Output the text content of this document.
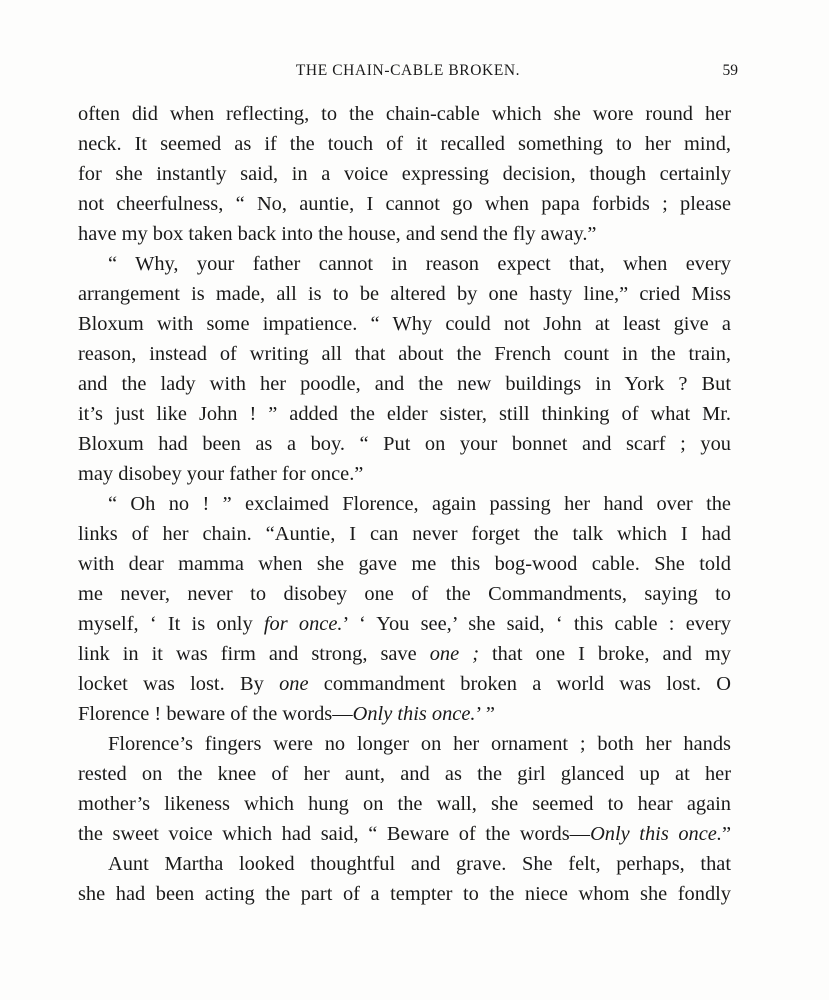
THE CHAIN-CABLE BROKEN.	59
often did when reflecting, to the chain-cable which she wore round her
neck. It seemed as if the touch of it recalled something to her mind,
for she instantly said, in a voice expressing decision, though certainly
not cheerfulness, “ No, auntie, I cannot go when papa forbids ; please
have my box taken back into the house, and send the fly away.”
“ Why, your father cannot in reason expect that, when every
arrangement is made, all is to be altered by one hasty line,” cried Miss
Bloxum with some impatience. “ Why could not John at least give a
reason, instead of writing all that about the French count in the train,
and the lady with her poodle, and the new buildings in York ? But
it’s just like John ! ” added the elder sister, still thinking of what Mr.
Bloxum had been as a boy. “ Put on your bonnet and scarf ; you
may disobey your father for once.”
“ Oh no ! ” exclaimed Florence, again passing her hand over the
links of her chain. “Auntie, I can never forget the talk which I had
with dear mamma when she gave me this bog-wood cable. She told
me never, never to disobey one of the Commandments, saying to
myself, ‘ It is only for once.’ ‘ You see,’ she said, ‘ this cable : every
link in it was firm and strong, save one ; that one I broke, and my
locket was lost. By one commandment broken a world was lost. O
Florence ! beware of the words—Only this once.’ ”
Florence’s fingers were no longer on her ornament ; both her hands
rested on the knee of her aunt, and as the girl glanced up at her
mother’s likeness which hung on the wall, she seemed to hear again
the sweet voice which had said, “ Beware of the words—Only this once.”
Aunt Martha looked thoughtful and grave. She felt, perhaps, that
she had been acting the part of a tempter to the niece whom she fondly
